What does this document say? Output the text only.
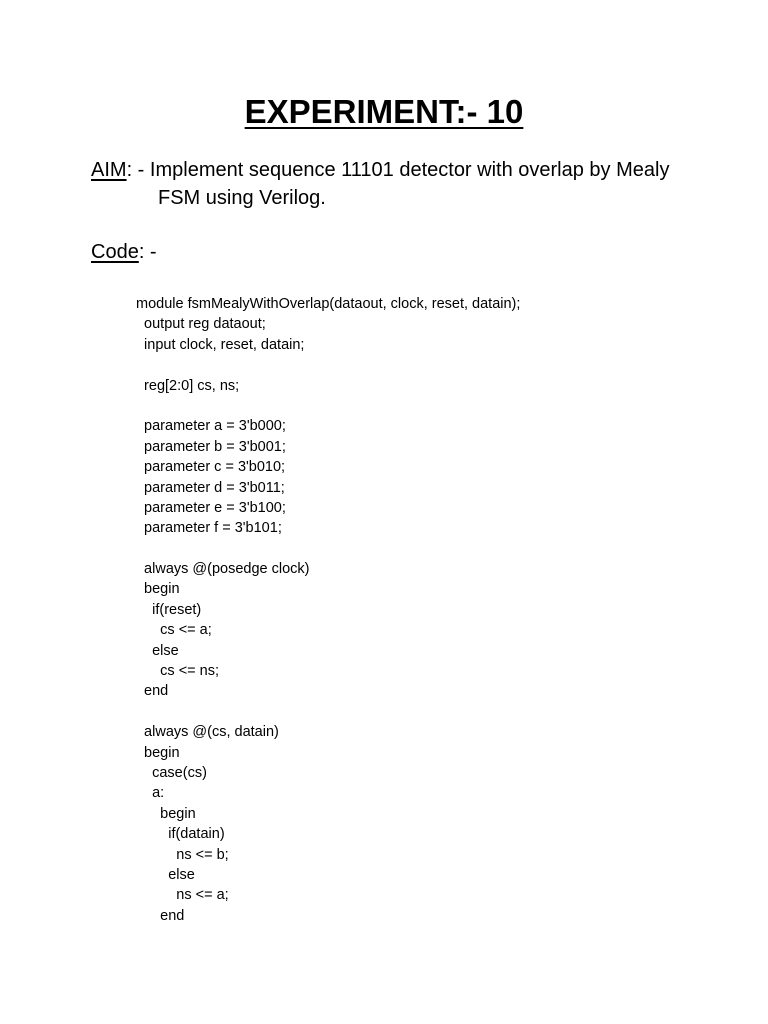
EXPERIMENT:- 10
AIM: - Implement sequence 11101 detector with overlap by Mealy
FSM using Verilog.
Code: -
module fsmMealyWithOverlap(dataout, clock, reset, datain);
output reg dataout;
input clock, reset, datain;
reg[2:0] cs, ns;
parameter a = 3'b000;
parameter b = 3'b001;
parameter c = 3'b010;
parameter d = 3'b011;
parameter e = 3'b100;
parameter f = 3'b101;
always @(posedge clock)
begin
if(reset)
cs <= a;
else
cs <= ns;
end
always @(cs, datain)
begin
case(cs)
a:
begin
if(datain)
ns <= b;
else
ns <= a;
end
